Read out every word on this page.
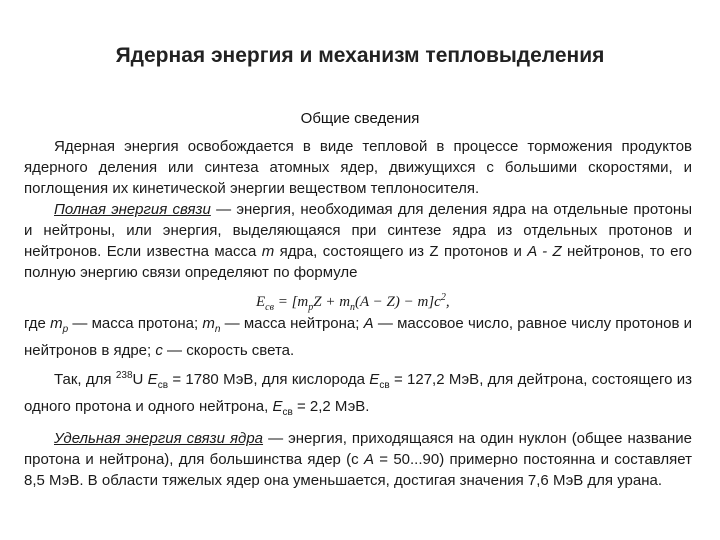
Ядерная энергия и механизм тепловыделения
Общие сведения

Ядерная энергия освобождается в виде тепловой в процессе торможения продуктов ядерного деления или синтеза атомных ядер, движущихся с большими скоростями, и поглощения их кинетической энергии веществом теплоносителя.

Полная энергия связи — энергия, необходимая для деления ядра на отдельные протоны и нейтроны, или энергия, выделяющаяся при синтезе ядра из отдельных протонов и нейтронов. Если известна масса m ядра, состоящего из Z протонов и A - Z нейтронов, то его полную энергию связи определяют по формуле

$E_{св} = [m_pZ + m_n(A - Z) - m]c^2$,

где $m_p$ — масса протона; $m_n$ — масса нейтрона; A — массовое число, равное числу протонов и нейтронов в ядре; с — скорость света.

Так, для $^{238}$U $E_{св} = 1780$ МэВ, для кислорода $E_{св} = 127,2$ МэВ, для дейтрона, состоящего из одного протона и одного нейтрона, $E_{св} = 2,2$ МэВ.

Удельная энергия связи ядра — энергия, приходящаяся на один нуклон (общее название протона и нейтрона), для большинства ядер (с A = 50...90) примерно постоянна и составляет 8,5 МэВ. В области тяжелых ядер она уменьшается, достигая значения 7,6 МэВ для урана.
